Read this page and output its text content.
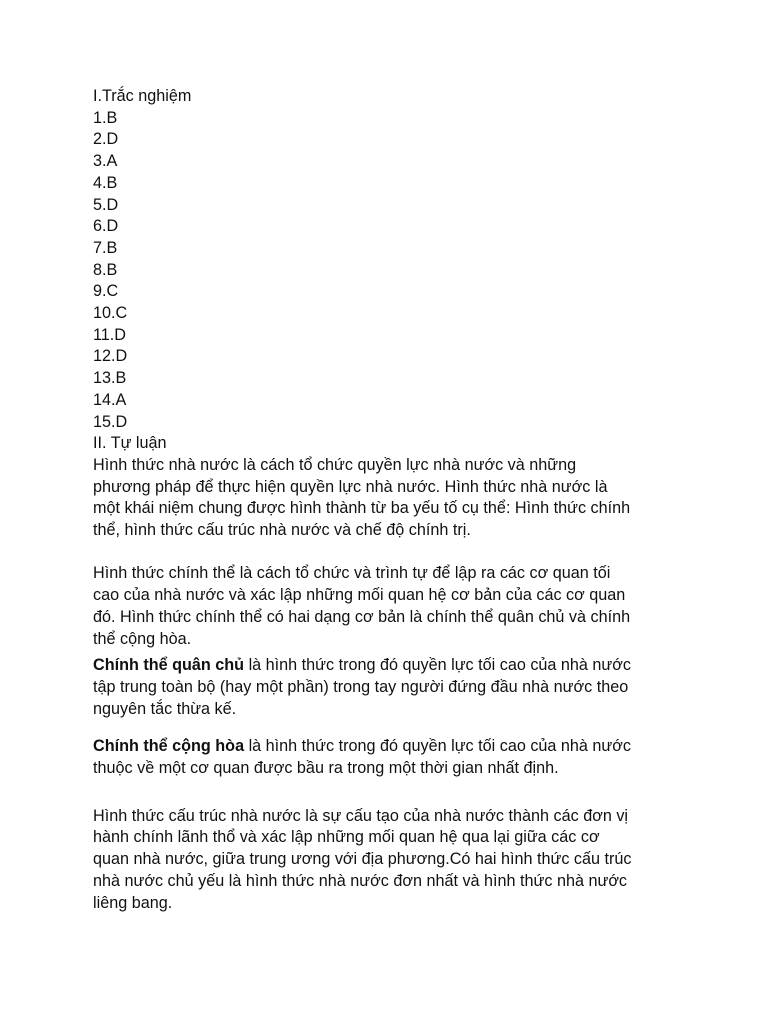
I.Trắc nghiệm
1.B
2.D
3.A
4.B
5.D
6.D
7.B
8.B
9.C
10.C
11.D
12.D
13.B
14.A
15.D
II. Tự luận
Hình thức nhà nước là cách tổ chức quyền lực nhà nước và những
phương pháp để thực hiện quyền lực nhà nước. Hình thức nhà nước là
một khái niệm chung được hình thành từ ba yếu tố cụ thể: Hình thức chính
thể, hình thức cấu trúc nhà nước và chế độ chính trị.
Hình thức chính thể là cách tổ chức và trình tự để lập ra các cơ quan tối
cao của nhà nước và xác lập những mối quan hệ cơ bản của các cơ quan
đó. Hình thức chính thể có hai dạng cơ bản là chính thể quân chủ và chính
thể cộng hòa.
Chính thể quân chủ là hình thức trong đó quyền lực tối cao của nhà nước
tập trung toàn bộ (hay một phần) trong tay người đứng đầu nhà nước theo
nguyên tắc thừa kế.
Chính thể cộng hòa là hình thức trong đó quyền lực tối cao của nhà nước
thuộc về một cơ quan được bầu ra trong một thời gian nhất định.
Hình thức cấu trúc nhà nước là sự cấu tạo của nhà nước thành các đơn vị
hành chính lãnh thổ và xác lập những mối quan hệ qua lại giữa các cơ
quan nhà nước, giữa trung ương với địa phương.Có hai hình thức cấu trúc
nhà nước chủ yếu là hình thức nhà nước đơn nhất và hình thức nhà nước
liêng bang.
